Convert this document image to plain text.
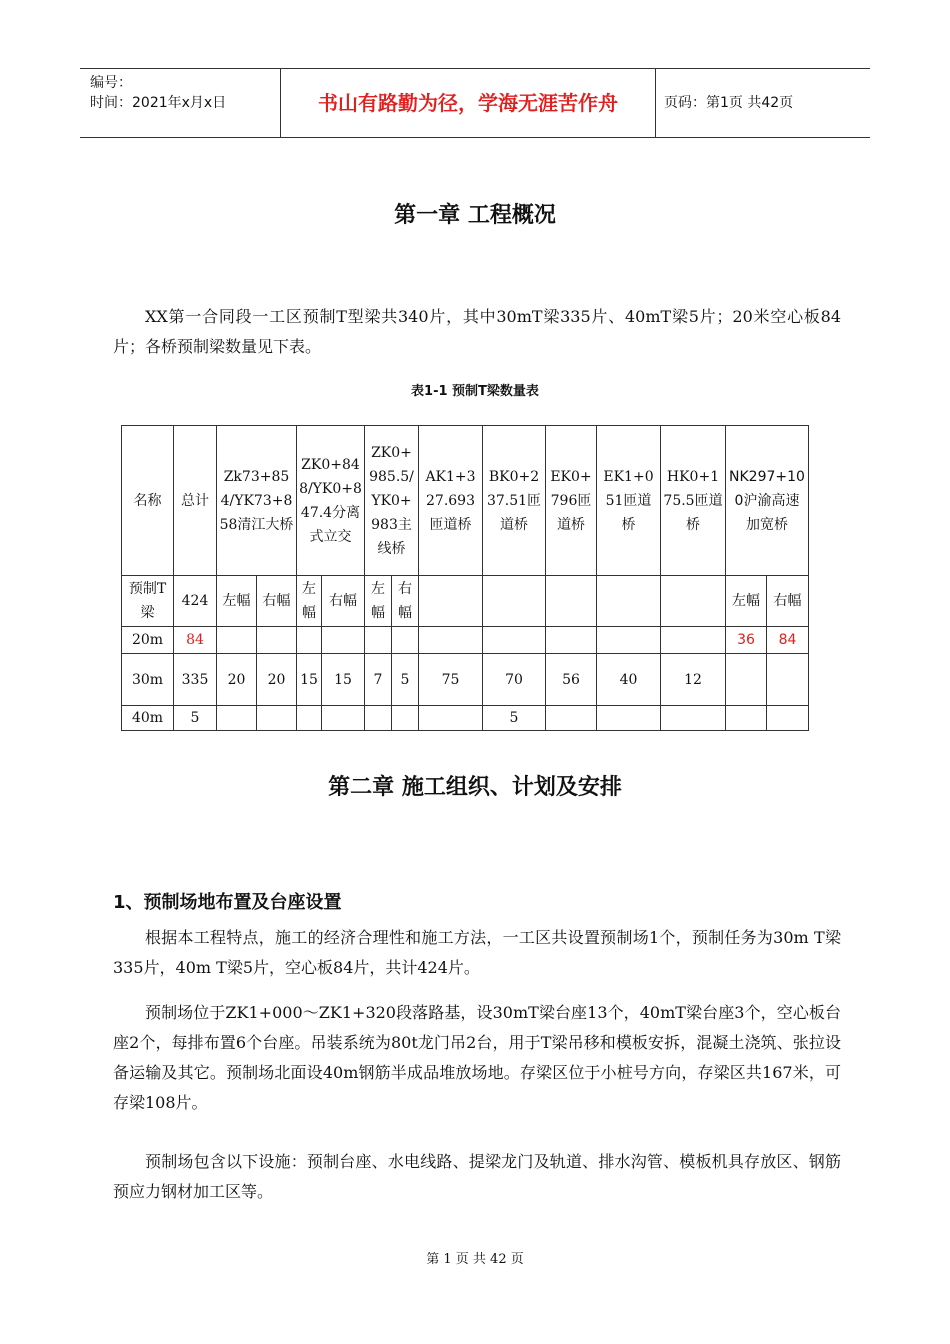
编号：
时间：2021年x月x日	书山有路勤为径，学海无涯苦作舟	页码：第1页 共42页
第一章 工程概况
XX第一合同段一工区预制T型梁共340片，其中30mT梁335片、40mT梁5片；20米空心板84片；各桥预制梁数量见下表。
表1-1 预制T梁数量表
名称	总计	Zk73+854/YK73+858清江大桥		ZK0+848/YK0+847.4分离式立交		ZK0+985.5/YK0+983主线桥		AK1+327.693匝道桥	BK0+237.51匝道桥	EK0+796匝道桥	EK1+051匝道桥	HK0+175.5匝道桥	NK297+100沪渝高速加宽桥	
预制T梁	424	左幅	右幅	左幅	右幅	左幅	右幅						左幅	右幅
20m	84												36	84
30m	335	20	20	15	15	7	5	75	70	56	40	12		
40m	5								5					
第二章 施工组织、计划及安排
1、预制场地布置及台座设置
根据本工程特点，施工的经济合理性和施工方法，一工区共设置预制场1个，预制任务为30m T梁335片，40m T梁5片，空心板84片，共计424片。
预制场位于ZK1+000～ZK1+320段落路基，设30mT梁台座13个，40mT梁台座3个，空心板台座2个，每排布置6个台座。吊装系统为80t龙门吊2台，用于T梁吊移和模板安拆，混凝土浇筑、张拉设备运输及其它。预制场北面设40m钢筋半成品堆放场地。存梁区位于小桩号方向，存梁区共167米，可存梁108片。
预制场包含以下设施：预制台座、水电线路、提梁龙门及轨道、排水沟管、模板机具存放区、钢筋预应力钢材加工区等。
第 1 页 共 42 页
